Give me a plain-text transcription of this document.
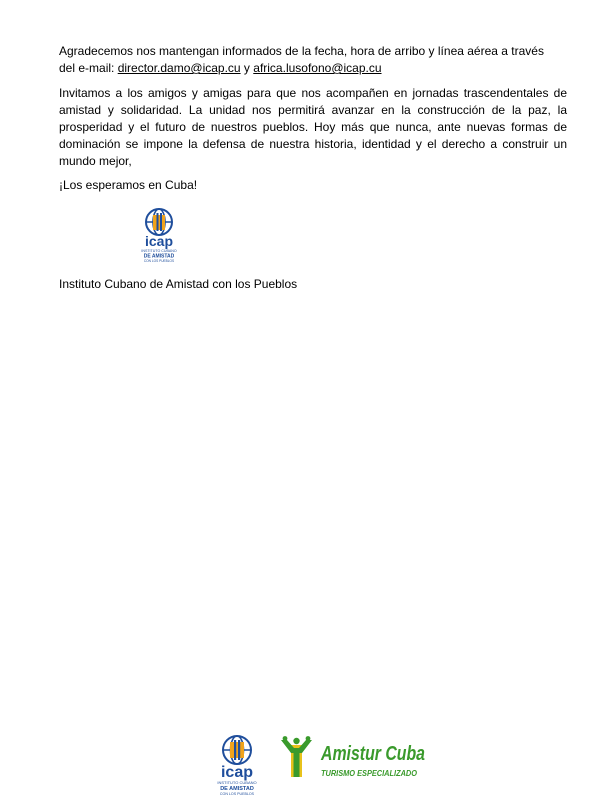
Agradecemos nos mantengan informados de la fecha, hora de arribo y línea aérea a través
del e-mail: director.damo@icap.cu y africa.lusofono@icap.cu

Invitamos a los amigos y amigas para que nos acompañen en jornadas trascendentales de amistad y solidaridad. La unidad nos permitirá avanzar en la construcción de la paz, la prosperidad y el futuro de nuestros pueblos. Hoy más que nunca, ante nuevas formas de dominación se impone la defensa de nuestra historia, identidad y el derecho a construir un mundo mejor,

¡Los esperamos en Cuba!

icap
INSTITUTO CUBANO
DE AMISTAD
CON LOS PUEBLOS

Instituto Cubano de Amistad con los Pueblos

icap
INSTITUTO CUBANO
DE AMISTAD
CON LOS PUEBLOS
Amistur Cuba
TURISMO ESPECIALIZADO
